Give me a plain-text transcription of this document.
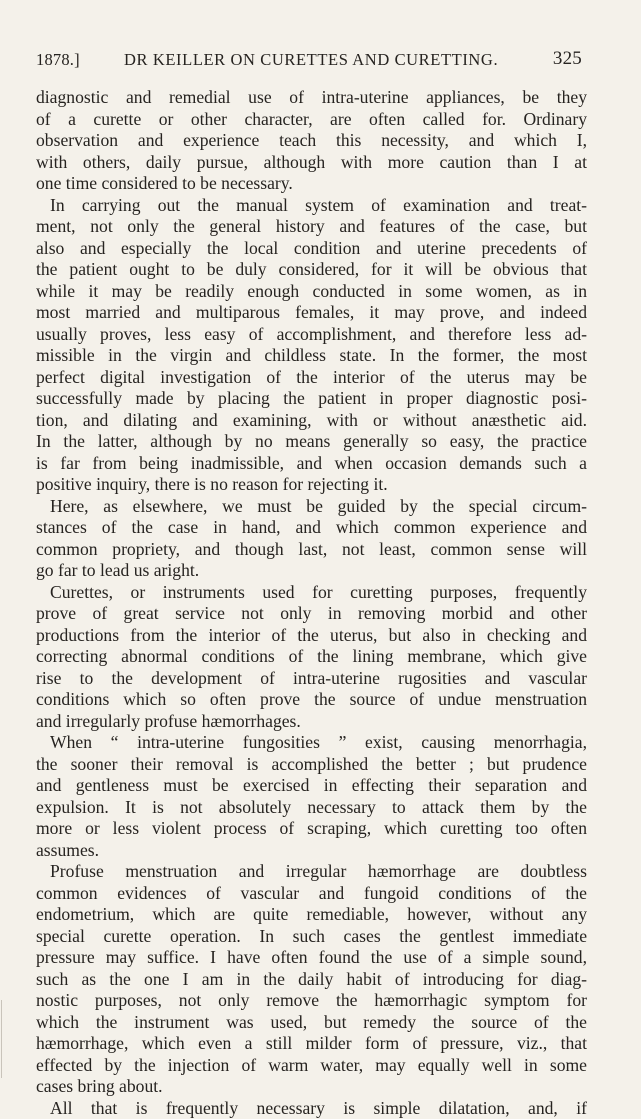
1878.]	DR KEILLER ON CURETTES AND CURETTING.	325
diagnostic and remedial use of intra-uterine appliances, be they
of a curette or other character, are often called for. Ordinary
observation and experience teach this necessity, and which I,
with others, daily pursue, although with more caution than I at
one time considered to be necessary.
In carrying out the manual system of examination and treat-
ment, not only the general history and features of the case, but
also and especially the local condition and uterine precedents of
the patient ought to be duly considered, for it will be obvious that
while it may be readily enough conducted in some women, as in
most married and multiparous females, it may prove, and indeed
usually proves, less easy of accomplishment, and therefore less ad-
missible in the virgin and childless state. In the former, the most
perfect digital investigation of the interior of the uterus may be
successfully made by placing the patient in proper diagnostic posi-
tion, and dilating and examining, with or without anæsthetic aid.
In the latter, although by no means generally so easy, the practice
is far from being inadmissible, and when occasion demands such a
positive inquiry, there is no reason for rejecting it.
Here, as elsewhere, we must be guided by the special circum-
stances of the case in hand, and which common experience and
common propriety, and though last, not least, common sense will
go far to lead us aright.
Curettes, or instruments used for curetting purposes, frequently
prove of great service not only in removing morbid and other
productions from the interior of the uterus, but also in checking and
correcting abnormal conditions of the lining membrane, which give
rise to the development of intra-uterine rugosities and vascular
conditions which so often prove the source of undue menstruation
and irregularly profuse hæmorrhages.
When “ intra-uterine fungosities ” exist, causing menorrhagia,
the sooner their removal is accomplished the better ; but prudence
and gentleness must be exercised in effecting their separation and
expulsion. It is not absolutely necessary to attack them by the
more or less violent process of scraping, which curetting too often
assumes.
Profuse menstruation and irregular hæmorrhage are doubtless
common evidences of vascular and fungoid conditions of the
endometrium, which are quite remediable, however, without any
special curette operation. In such cases the gentlest immediate
pressure may suffice. I have often found the use of a simple sound,
such as the one I am in the daily habit of introducing for diag-
nostic purposes, not only remove the hæmorrhagic symptom for
which the instrument was used, but remedy the source of the
hæmorrhage, which even a still milder form of pressure, viz., that
effected by the injection of warm water, may equally well in some
cases bring about.
All that is frequently necessary is simple dilatation, and, if
